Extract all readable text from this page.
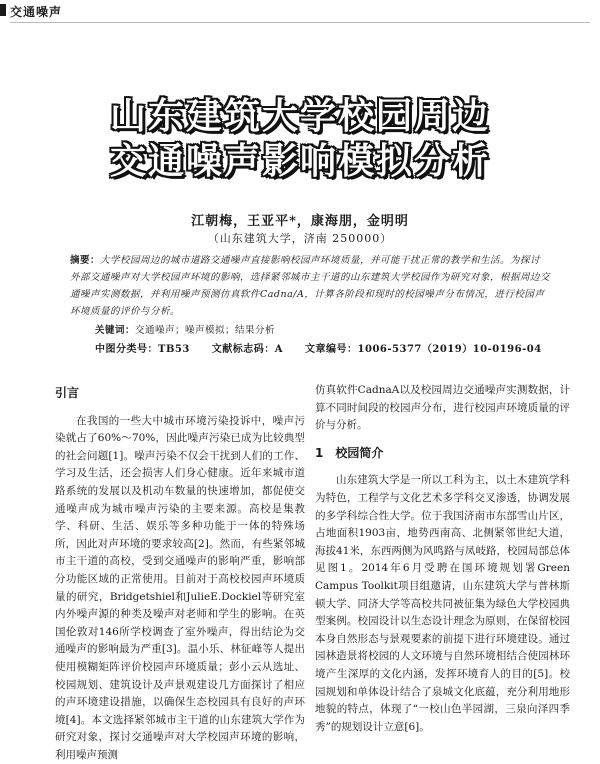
交通噪声
山东建筑大学校园周边
交通噪声影响模拟分析
江朝梅，王亚平*，康海朋，金明明
（山东建筑大学，济南 250000）
摘要：大学校园周边的城市道路交通噪声直接影响校园声环境质量，并可能干扰正常的教学和生活。为探讨外部交通噪声对大学校园声环境的影响，选择紧邻城市主干道的山东建筑大学校园作为研究对象，根据周边交通噪声实测数据，并利用噪声预测仿真软件Cadna/A，计算各阶段和现时的校园噪声分布情况，进行校园声环境质量的评价与分析。
关键词：交通噪声；噪声模拟；结果分析
中图分类号：TB53 文献标志码：A 文章编号：1006-5377（2019）10-0196-04
引言

在我国的一些大中城市环境污染投诉中，噪声污染就占了60%～70%，因此噪声污染已成为比较典型的社会问题[1]。噪声污染不仅会干扰到人们的工作、学习及生活，还会损害人们身心健康。近年来城市道路系统的发展以及机动车数量的快速增加，都促使交通噪声成为城市噪声污染的主要来源。高校是集教学、科研、生活、娱乐等多种功能于一体的特殊场所，因此对声环境的要求较高[2]。然而，有些紧邻城市主干道的高校，受到交通噪声的影响严重，影响部分功能区域的正常使用。目前对于高校校园声环境质量的研究，Bridgetshiel和JulieE.Dockiel等研究室内外噪声源的种类及噪声对老师和学生的影响。在英国伦敦对146所学校调查了室外噪声，得出结论为交通噪声的影响最为严重[3]。温小乐、林征峰等人提出使用模糊矩阵评价校园声环境质量；彭小云从选址、校园规划、建筑设计及声景观建设几方面探讨了相应的声环境建设措施，以确保生态校园具有良好的声环境[4]。本文选择紧邻城市主干道的山东建筑大学作为研究对象，探讨交通噪声对大学校园声环境的影响，利用噪声预测

仿真软件CadnaA以及校园周边交通噪声实测数据，计算不同时间段的校园声分布，进行校园声环境质量的评价与分析。

1　校园简介

山东建筑大学是一所以工科为主，以土木建筑学科为特色，工程学与文化艺术多学科交叉渗透，协调发展的多学科综合性大学。位于我国济南市东部雪山片区，占地面积1903亩，地势西南高、北侧紧邻世纪大道，海拔41米，东西两侧为风鸣路与凤岐路，校园局部总体见图1。2014年6月受聘在国环境规划署Green Campus Toolkit项目组邀请，山东建筑大学与普林斯顿大学、同济大学等高校共同被征集为绿色大学校园典型案例。校园设计以生态设计理念为原则，在保留校园本身自然形态与景观要素的前提下进行环境建设。通过园林造景将校园的人文环境与自然环境相结合使园林环境产生深厚的文化内涵，发挥环境育人的目的[5]。校园规划和单体设计结合了泉城文化底蕴，充分利用地形地貌的特点，体现了“一校山色半园湖，三泉向泽四季秀”的规划设计立意[6]。
